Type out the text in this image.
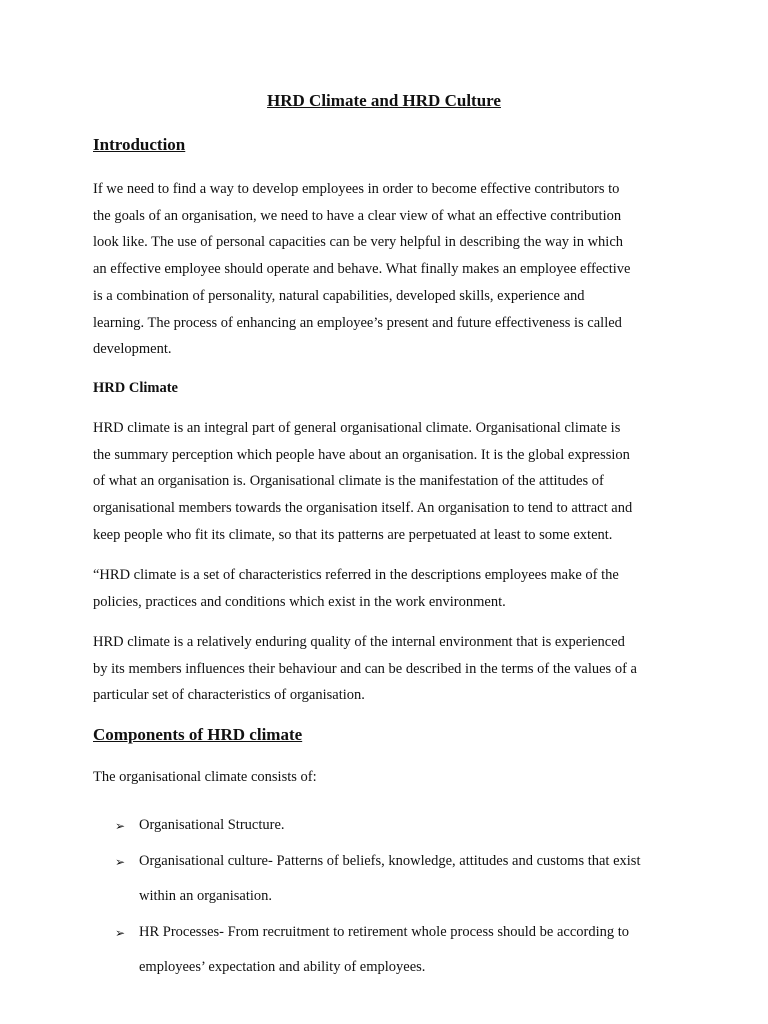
HRD Climate and HRD Culture
Introduction

If we need to find a way to develop employees in order to become effective contributors to
the goals of an organisation, we need to have a clear view of what an effective contribution
look like. The use of personal capacities can be very helpful in describing the way in which
an effective employee should operate and behave. What finally makes an employee effective
is a combination of personality, natural capabilities, developed skills, experience and
learning. The process of enhancing an employee’s present and future effectiveness is called
development.

HRD Climate

HRD climate is an integral part of general organisational climate. Organisational climate is
the summary perception which people have about an organisation. It is the global expression
of what an organisation is. Organisational climate is the manifestation of the attitudes of
organisational members towards the organisation itself. An organisation to tend to attract and
keep people who fit its climate, so that its patterns are perpetuated at least to some extent.

“HRD climate is a set of characteristics referred in the descriptions employees make of the
policies, practices and conditions which exist in the work environment.

HRD climate is a relatively enduring quality of the internal environment that is experienced
by its members influences their behaviour and can be described in the terms of the values of a
particular set of characteristics of organisation.

Components of HRD climate

The organisational climate consists of:

➢ Organisational Structure.
➢ Organisational culture- Patterns of beliefs, knowledge, attitudes and customs that exist
within an organisation.
➢ HR Processes- From recruitment to retirement whole process should be according to
employees’ expectation and ability of employees.
